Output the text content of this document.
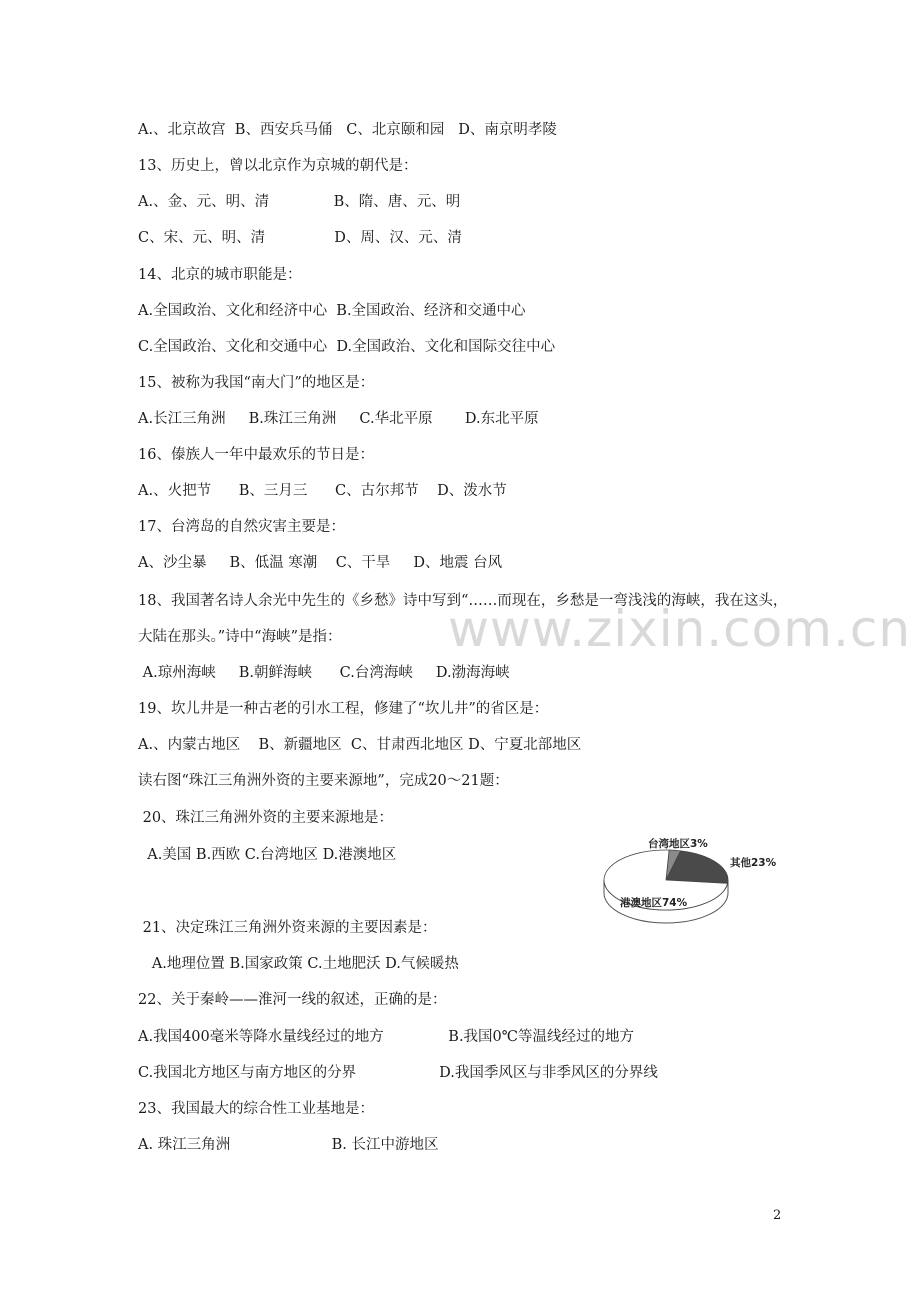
A.、北京故宫  B、西安兵马俑   C、北京颐和园   D、南京明孝陵
13、历史上，曾以北京作为京城的朝代是：
A.、金、元、明、清              B、隋、唐、元、明
C、宋、元、明、清               D、周、汉、元、清
14、北京的城市职能是：
A.全国政治、文化和经济中心  B.全国政治、经济和交通中心
C.全国政治、文化和交通中心  D.全国政治、文化和国际交往中心
15、被称为我国“南大门”的地区是：
A.长江三角洲     B.珠江三角洲     C.华北平原       D.东北平原
16、傣族人一年中最欢乐的节日是：
A.、火把节      B、三月三      C、古尔邦节    D、泼水节
17、台湾岛的自然灾害主要是：
A、沙尘暴     B、低温 寒潮    C、干旱     D、地震 台风
18、我国著名诗人余光中先生的《乡愁》诗中写到“……而现在，乡愁是一弯浅浅的海峡，我在这头，
大陆在那头。”诗中“海峡”是指：
A.琼州海峡     B.朝鲜海峡      C.台湾海峡     D.渤海海峡
19、坎儿井是一种古老的引水工程，修建了“坎儿井”的省区是：
A.、内蒙古地区    B、新疆地区  C、甘肃西北地区 D、宁夏北部地区
读右图“珠江三角洲外资的主要来源地”，完成20～21题：
20、珠江三角洲外资的主要来源地是：
A.美国 B.西欧 C.台湾地区 D.港澳地区
21、决定珠江三角洲外资来源的主要因素是：
A.地理位置 B.国家政策 C.土地肥沃 D.气候暖热
22、关于秦岭——淮河一线的叙述，正确的是：
A.我国400毫米等降水量线经过的地方              B.我国0℃等温线经过的地方
C.我国北方地区与南方地区的分界                  D.我国季风区与非季风区的分界线
23、我国最大的综合性工业基地是：
A. 珠江三角洲                      B. 长江中游地区
www.zixin.com.cn
台湾地区3%
其他23%
港澳地区74%
2
